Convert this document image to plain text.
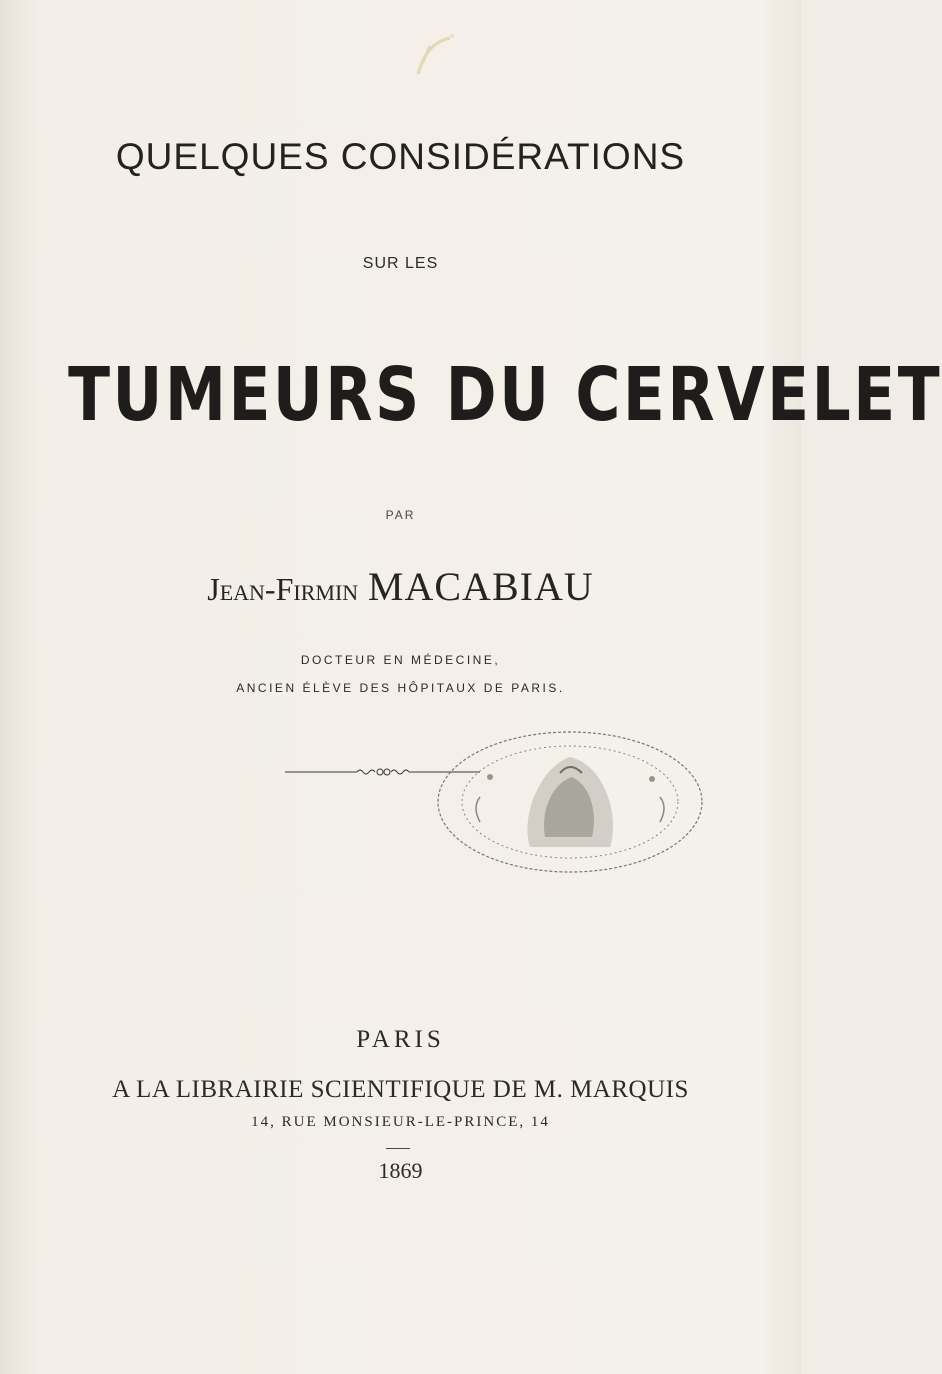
QUELQUES CONSIDÉRATIONS
SUR LES
TUMEURS DU CERVELET
PAR
Jean-Firmin MACABIAU
DOCTEUR EN MÉDECINE,
ANCIEN ÉLÈVE DES HÔPITAUX DE PARIS.
PARIS
A LA LIBRAIRIE SCIENTIFIQUE DE M. MARQUIS
14, RUE MONSIEUR-LE-PRINCE, 14
1869
